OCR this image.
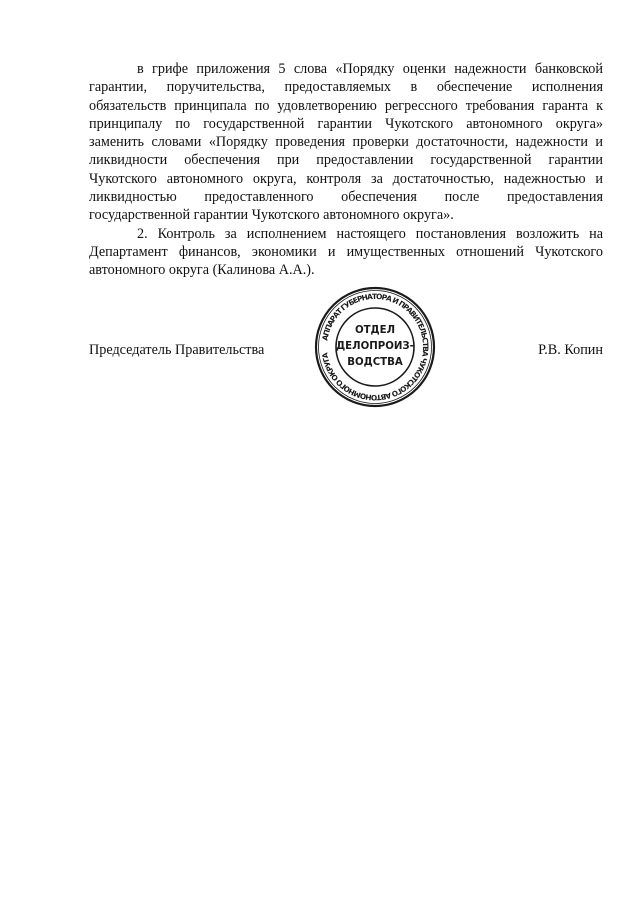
в грифе приложения 5 слова «Порядку оценки надежности банковской гарантии, поручительства, предоставляемых в обеспечение исполнения обязательств принципала по удовлетворению регрессного требования гаранта к принципалу по государственной гарантии Чукотского автономного округа» заменить словами «Порядку проведения проверки достаточности, надежности и ликвидности обеспечения при предоставлении государственной гарантии Чукотского автономного округа, контроля за достаточностью, надежностью и ликвидностью предоставленного обеспечения после предоставления государственной гарантии Чукотского автономного округа».

2. Контроль за исполнением настоящего постановления возложить на Департамент финансов, экономики и имущественных отношений Чукотского автономного округа (Калинова А.А.).

Председатель Правительства	Р.В. Копин
АППАРАТ ГУБЕРНАТОРА И ПРАВИТЕЛЬСТВА ЧУКОТСКОГО АВТОНОМНОГО ОКРУГА
ОТДЕЛ
ДЕЛОПРОИЗ-
ВОДСТВА
